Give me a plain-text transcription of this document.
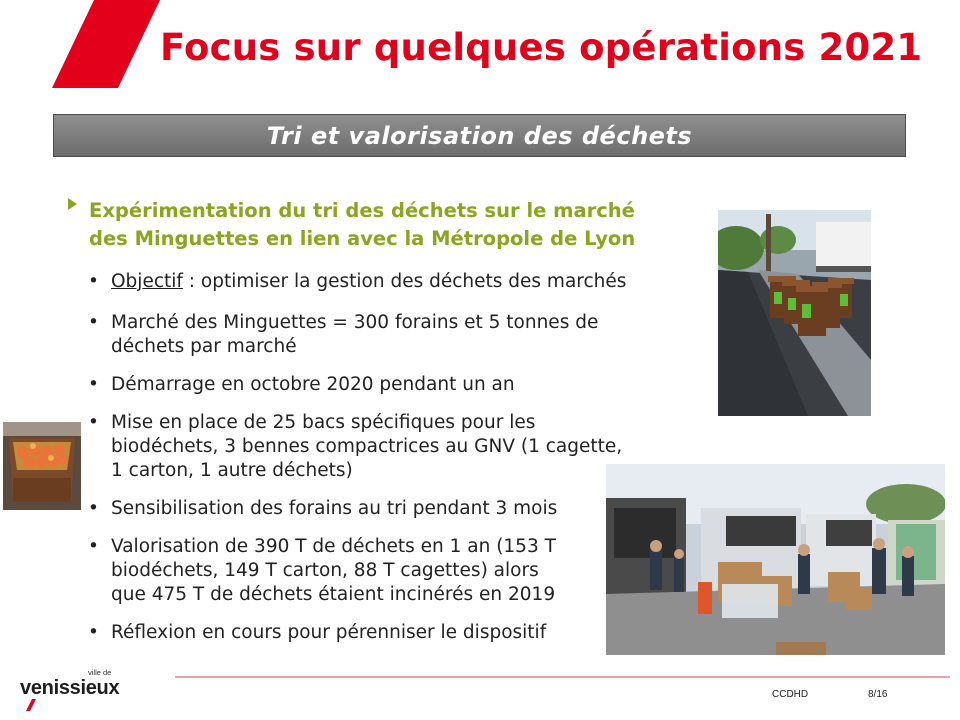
Focus sur quelques opérations 2021
Tri et valorisation des déchets

Expérimentation du tri des déchets sur le marché des Minguettes en lien avec la Métropole de Lyon

• Objectif : optimiser la gestion des déchets des marchés
• Marché des Minguettes = 300 forains et 5 tonnes de
déchets par marché
• Démarrage en octobre 2020 pendant un an
• Mise en place de 25 bacs spécifiques pour les
biodéchets, 3 bennes compactrices au GNV (1 cagette,
1 carton, 1 autre déchets)
• Sensibilisation des forains au tri pendant 3 mois
• Valorisation de 390 T de déchets en 1 an (153 T
biodéchets, 149 T carton, 88 T cagettes) alors
que 475 T de déchets étaient incinérés en 2019
• Réflexion en cours pour pérenniser le dispositif
ville de
venissieux	CCDHD	8/16
